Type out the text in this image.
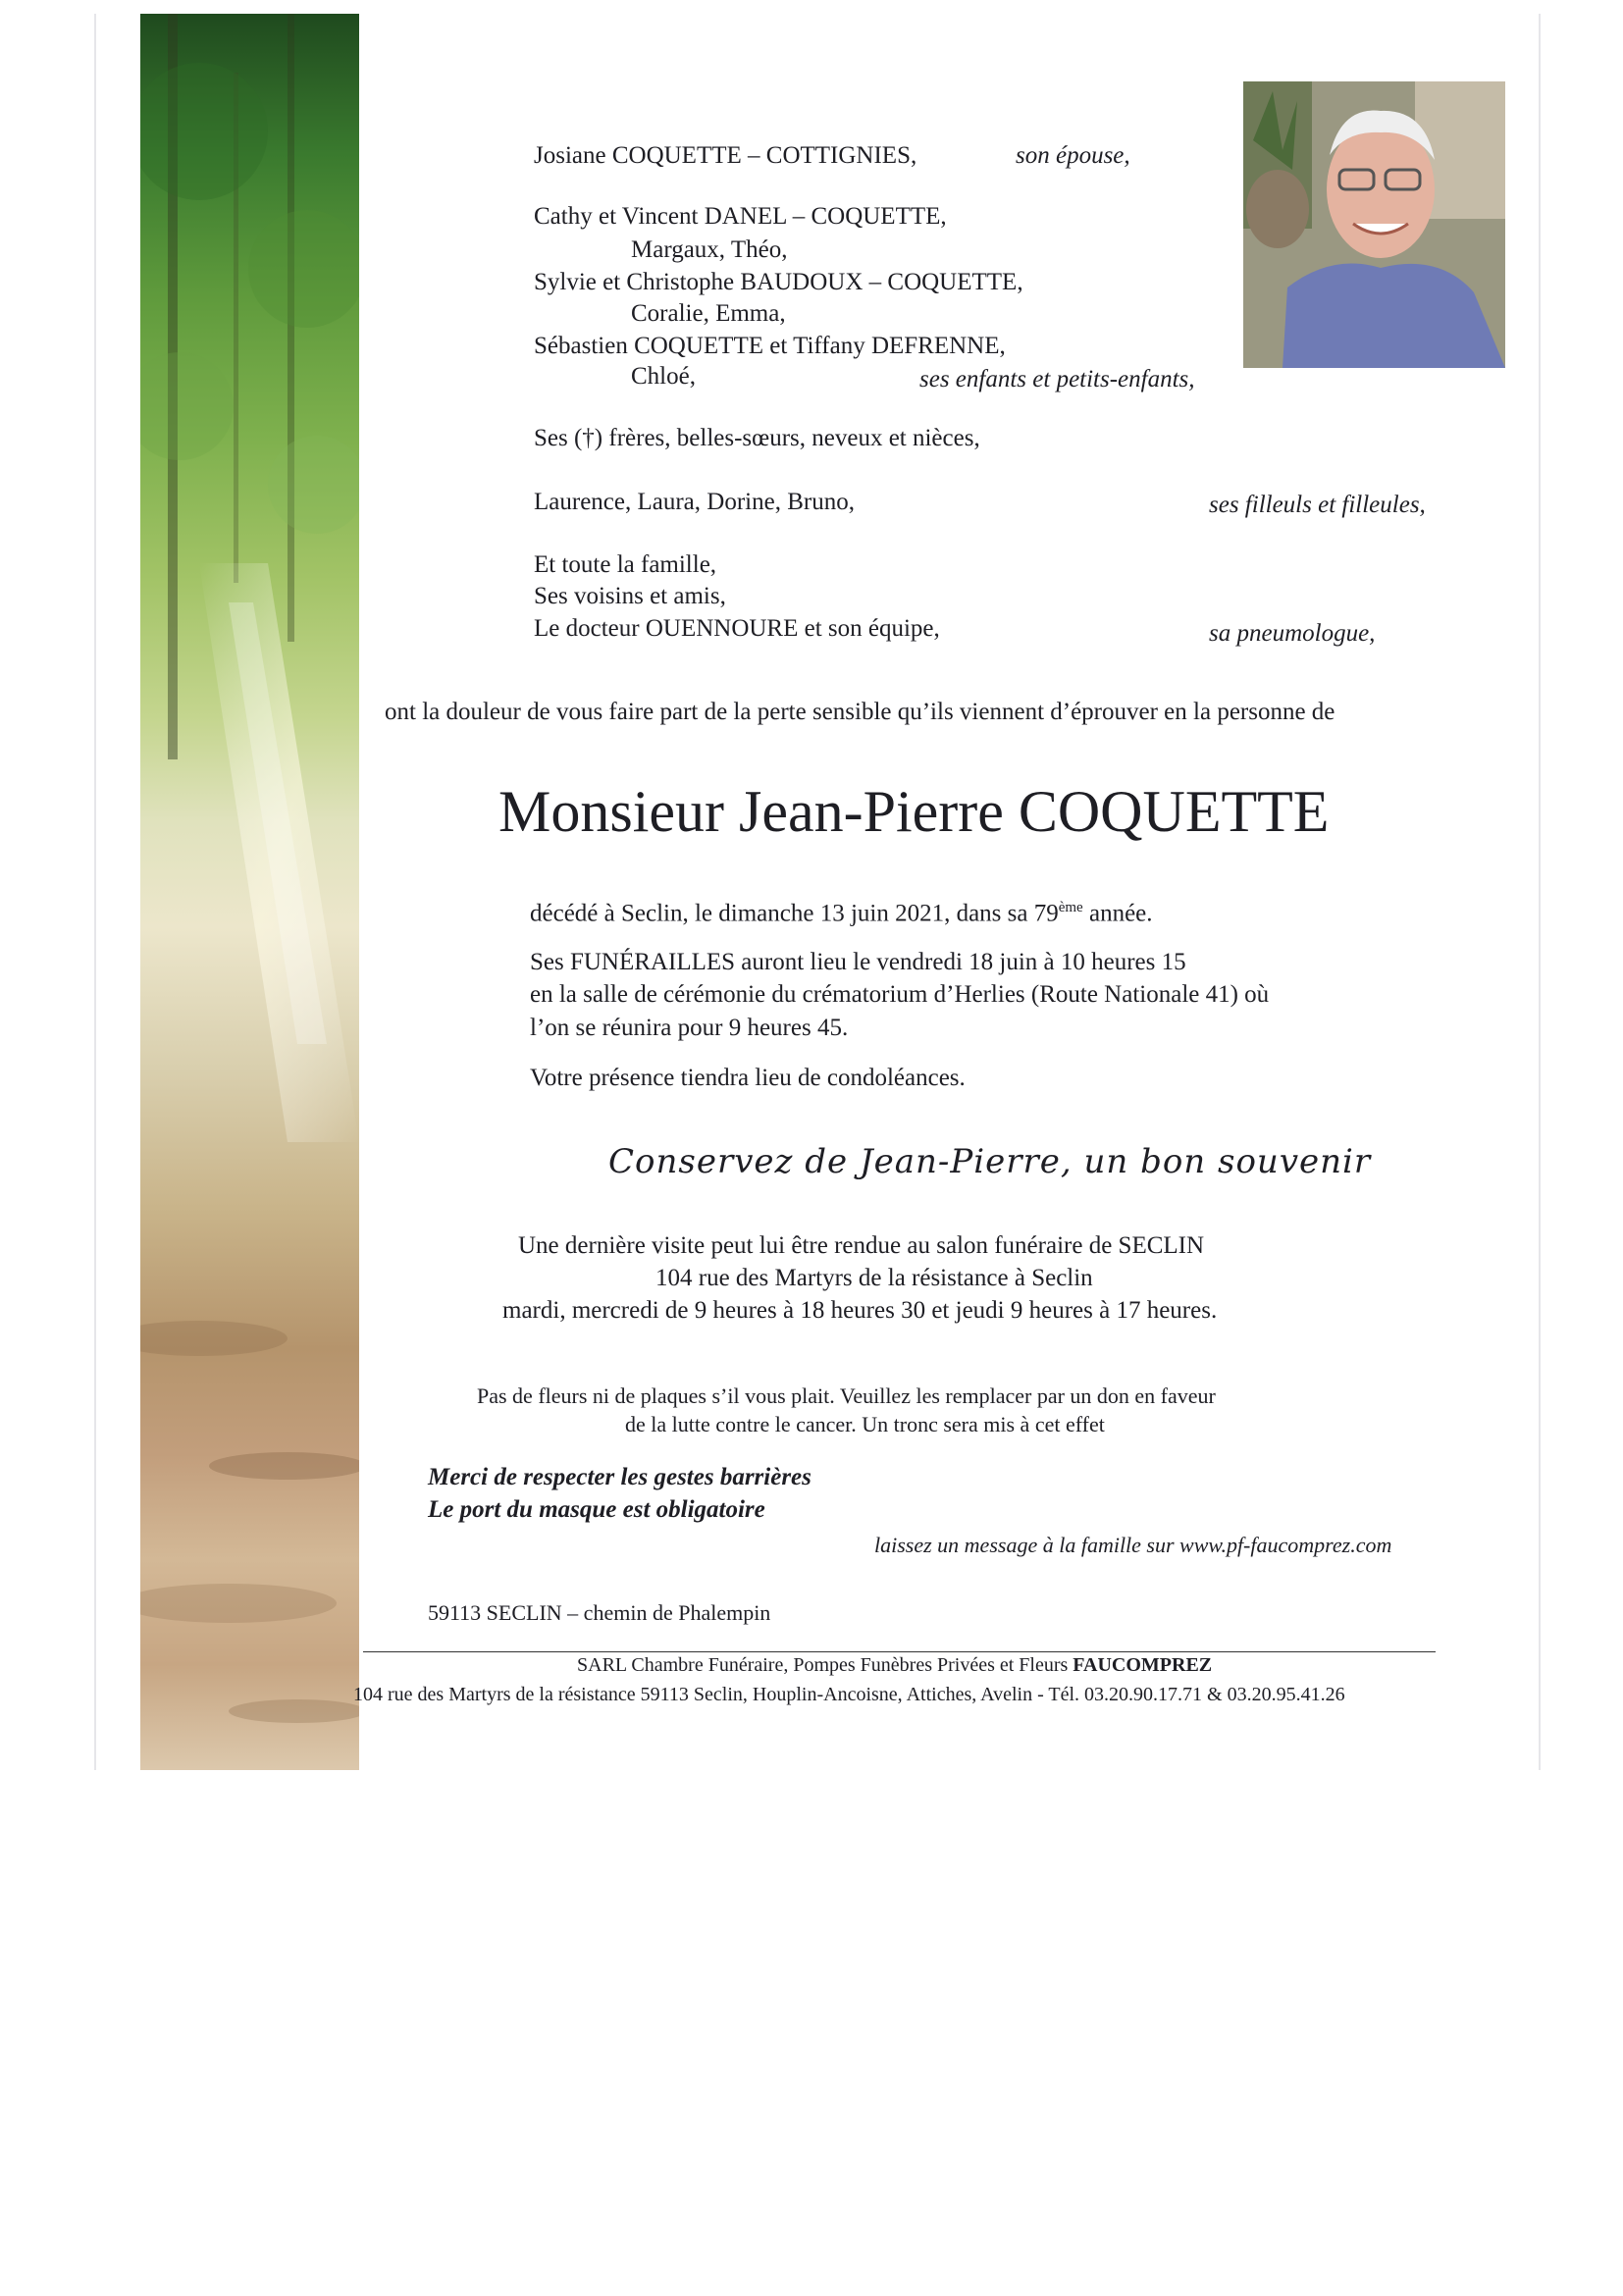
Josiane COQUETTE – COTTIGNIES,	son épouse,
Cathy et Vincent DANEL – COQUETTE,
Margaux, Théo,
Sylvie et Christophe BAUDOUX – COQUETTE,
Coralie, Emma,
Sébastien COQUETTE et Tiffany DEFRENNE,
Chloé,	ses enfants et petits-enfants,
Ses (†) frères, belles-sœurs, neveux et nièces,
Laurence, Laura, Dorine, Bruno,	ses filleuls et filleules,
Et toute la famille,
Ses voisins et amis,
Le docteur OUENNOURE et son équipe,	sa pneumologue,
ont la douleur de vous faire part de la perte sensible qu’ils viennent d’éprouver en la personne de
Monsieur Jean-Pierre COQUETTE
décédé à Seclin, le dimanche 13 juin 2021, dans sa 79ème année.
Ses FUNÉRAILLES auront lieu le vendredi 18 juin à 10 heures 15
en la salle de cérémonie du crématorium d’Herlies (Route Nationale 41) où
l’on se réunira pour 9 heures 45.
Votre présence tiendra lieu de condoléances.
Conservez de Jean-Pierre, un bon souvenir
Une dernière visite peut lui être rendue au salon funéraire de SECLIN
104 rue des Martyrs de la résistance à Seclin
mardi, mercredi de 9 heures à 18 heures 30 et jeudi 9 heures à 17 heures.
Pas de fleurs ni de plaques s’il vous plait. Veuillez les remplacer par un don en faveur
de la lutte contre le cancer. Un tronc sera mis à cet effet
Merci de respecter les gestes barrières
Le port du masque est obligatoire
laissez un message à la famille sur www.pf-faucomprez.com
59113 SECLIN – chemin de Phalempin
SARL Chambre Funéraire, Pompes Funèbres Privées et Fleurs FAUCOMPREZ
104 rue des Martyrs de la résistance 59113 Seclin, Houplin-Ancoisne, Attiches, Avelin - Tél. 03.20.90.17.71 & 03.20.95.41.26
